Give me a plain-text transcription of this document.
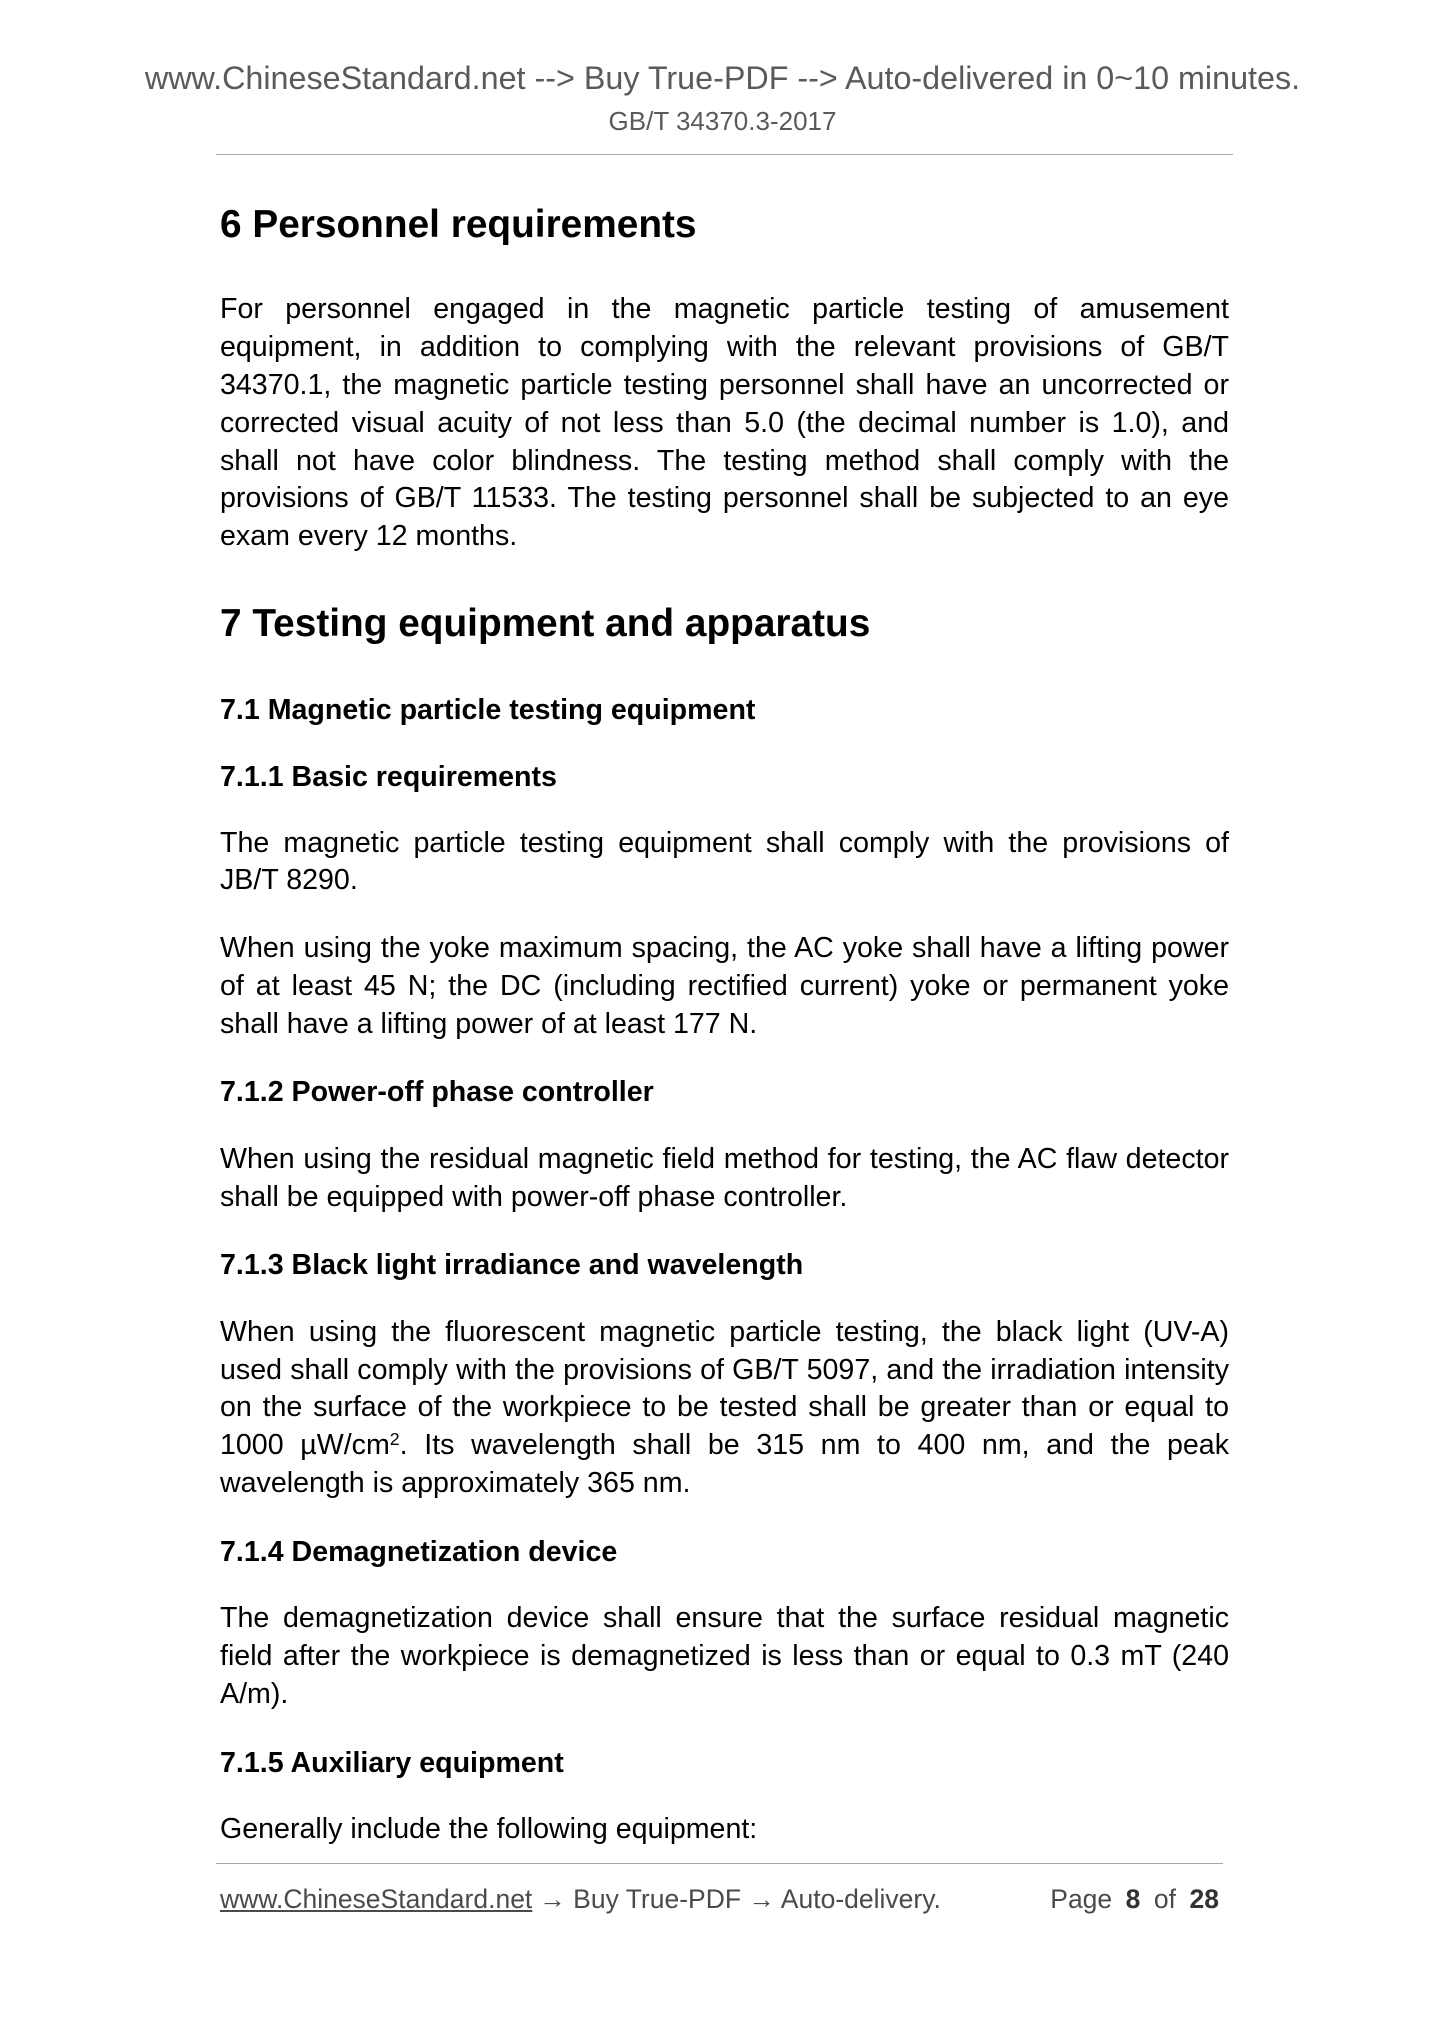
www.ChineseStandard.net --> Buy True-PDF --> Auto-delivered in 0~10 minutes.
GB/T 34370.3-2017
6 Personnel requirements
For personnel engaged in the magnetic particle testing of amusement
equipment, in addition to complying with the relevant provisions of GB/T
34370.1, the magnetic particle testing personnel shall have an uncorrected or
corrected visual acuity of not less than 5.0 (the decimal number is 1.0), and
shall not have color blindness. The testing method shall comply with the
provisions of GB/T 11533. The testing personnel shall be subjected to an eye
exam every 12 months.
7 Testing equipment and apparatus
7.1 Magnetic particle testing equipment
7.1.1 Basic requirements
The magnetic particle testing equipment shall comply with the provisions of
JB/T 8290.
When using the yoke maximum spacing, the AC yoke shall have a lifting power
of at least 45 N; the DC (including rectified current) yoke or permanent yoke
shall have a lifting power of at least 177 N.
7.1.2 Power-off phase controller
When using the residual magnetic field method for testing, the AC flaw detector
shall be equipped with power-off phase controller.
7.1.3 Black light irradiance and wavelength
When using the fluorescent magnetic particle testing, the black light (UV-A)
used shall comply with the provisions of GB/T 5097, and the irradiation intensity
on the surface of the workpiece to be tested shall be greater than or equal to
1000 $\mu W/cm^2$. Its wavelength shall be 315 nm to 400 nm, and the peak
wavelength is approximately 365 nm.
7.1.4 Demagnetization device
The demagnetization device shall ensure that the surface residual magnetic
field after the workpiece is demagnetized is less than or equal to 0.3 mT (240
A/m).
7.1.5 Auxiliary equipment
Generally include the following equipment:
www.ChineseStandard.net → Buy True-PDF → Auto-delivery.	Page 8 of 28
